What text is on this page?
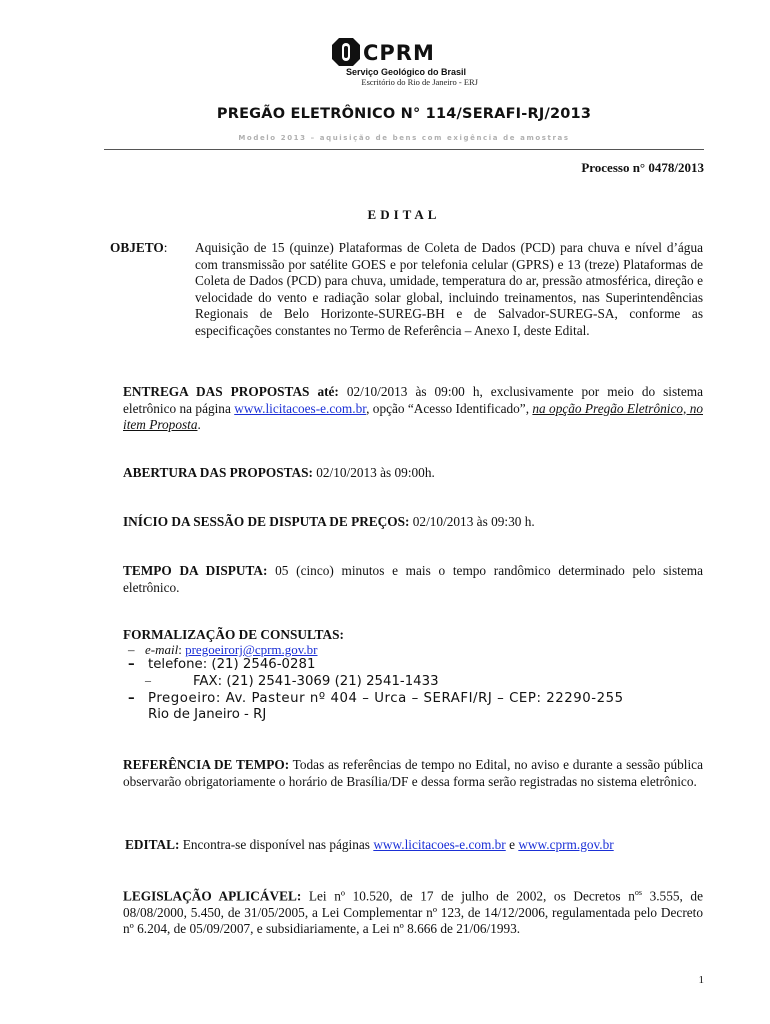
CPRM
Serviço Geológico do Brasil
Escritório do Rio de Janeiro - ERJ
PREGÃO ELETRÔNICO N° 114/SERAFI-RJ/2013
Modelo 2013 – aquisição de bens com exigência de amostras
Processo n° 0478/2013
EDITAL
OBJETO: Aquisição de 15 (quinze) Plataformas de Coleta de Dados (PCD) para chuva e nível d’água com transmissão por satélite GOES e por telefonia celular (GPRS) e 13 (treze) Plataformas de Coleta de Dados (PCD) para chuva, umidade, temperatura do ar, pressão atmosférica, direção e velocidade do vento e radiação solar global, incluindo treinamentos, nas Superintendências Regionais de Belo Horizonte-SUREG-BH e de Salvador-SUREG-SA, conforme as especificações constantes no Termo de Referência – Anexo I, deste Edital.
ENTREGA DAS PROPOSTAS até: 02/10/2013 às 09:00 h, exclusivamente por meio do sistema eletrônico na página www.licitacoes-e.com.br, opção “Acesso Identificado”, na opção Pregão Eletrônico, no item Proposta.
ABERTURA DAS PROPOSTAS: 02/10/2013 às 09:00h.
INÍCIO DA SESSÃO DE DISPUTA DE PREÇOS: 02/10/2013 às 09:30 h.
TEMPO DA DISPUTA: 05 (cinco) minutos e mais o tempo randômico determinado pelo sistema eletrônico.
FORMALIZAÇÃO DE CONSULTAS:
– e-mail: pregoeirorj@cprm.gov.br
– telefone: (21) 2546-0281
–	FAX: (21) 2541-3069 (21) 2541-1433
– Pregoeiro: Av. Pasteur nº 404 – Urca – SERAFI/RJ – CEP: 22290-255
Rio de Janeiro - RJ
REFERÊNCIA DE TEMPO: Todas as referências de tempo no Edital, no aviso e durante a sessão pública observarão obrigatoriamente o horário de Brasília/DF e dessa forma serão registradas no sistema eletrônico.
EDITAL: Encontra-se disponível nas páginas www.licitacoes-e.com.br e www.cprm.gov.br
LEGISLAÇÃO APLICÁVEL: Lei nº 10.520, de 17 de julho de 2002, os Decretos $n^{os}$ 3.555, de 08/08/2000, 5.450, de 31/05/2005, a Lei Complementar nº 123, de 14/12/2006, regulamentada pelo Decreto nº 6.204, de 05/09/2007, e subsidiariamente, a Lei nº 8.666 de 21/06/1993.
1
